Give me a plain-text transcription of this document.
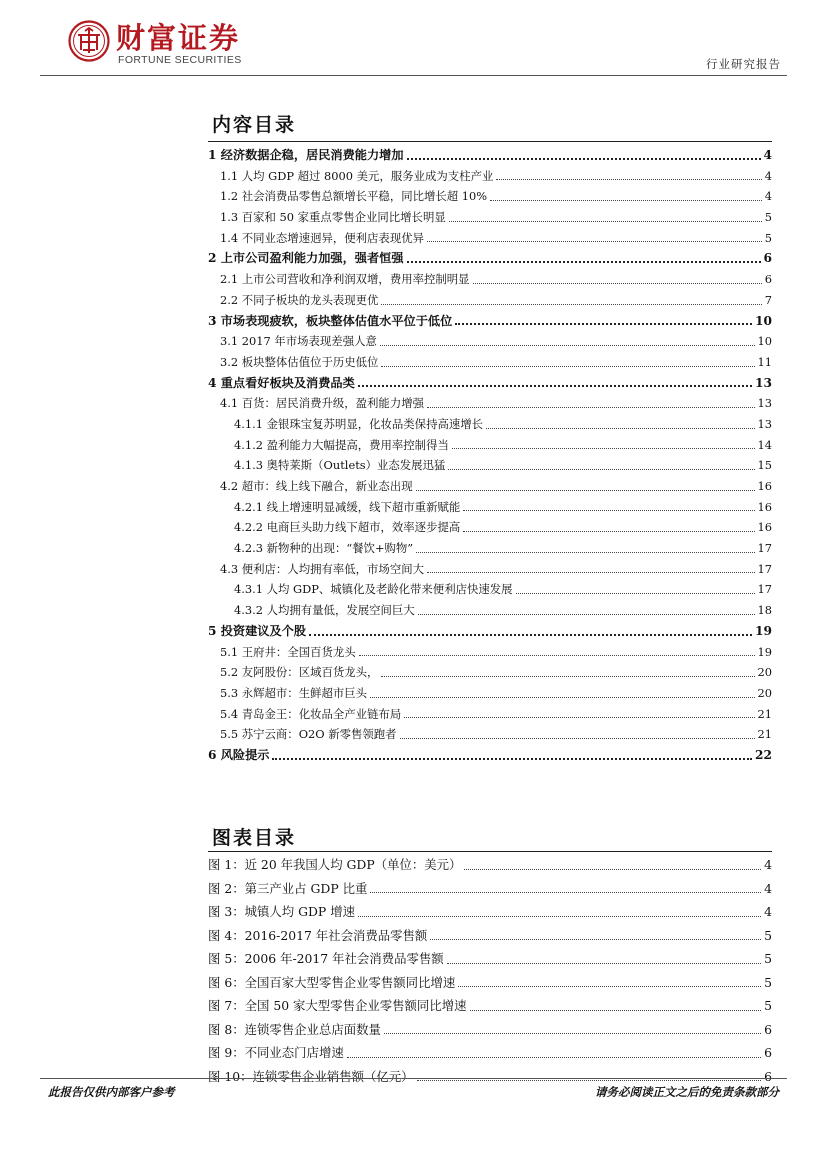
财富证券
FORTUNE SECURITIES	行业研究报告
内容目录
1 经济数据企稳，居民消费能力增加	4
1.1 人均 GDP 超过 8000 美元，服务业成为支柱产业	4
1.2 社会消费品零售总额增长平稳，同比增长超 10%	4
1.3 百家和 50 家重点零售企业同比增长明显	5
1.4 不同业态增速迥异，便利店表现优异	5
2 上市公司盈利能力加强，强者恒强	6
2.1 上市公司营收和净利润双增，费用率控制明显	6
2.2 不同子板块的龙头表现更优	7
3 市场表现疲软，板块整体估值水平位于低位	10
3.1 2017 年市场表现差强人意	10
3.2 板块整体估值位于历史低位	11
4 重点看好板块及消费品类	13
4.1 百货：居民消费升级，盈利能力增强	13
4.1.1 金银珠宝复苏明显，化妆品类保持高速增长	13
4.1.2 盈利能力大幅提高，费用率控制得当	14
4.1.3 奥特莱斯（Outlets）业态发展迅猛	15
4.2 超市：线上线下融合，新业态出现	16
4.2.1 线上增速明显减缓，线下超市重新赋能	16
4.2.2 电商巨头助力线下超市，效率逐步提高	16
4.2.3 新物种的出现：“餐饮+购物”	17
4.3 便利店：人均拥有率低，市场空间大	17
4.3.1 人均 GDP、城镇化及老龄化带来便利店快速发展	17
4.3.2 人均拥有量低，发展空间巨大	18
5 投资建议及个股	19
5.1 王府井：全国百货龙头	19
5.2 友阿股份：区域百货龙头，	20
5.3 永辉超市：生鲜超市巨头	20
5.4 青岛金王：化妆品全产业链布局	21
5.5 苏宁云商：O2O 新零售领跑者	21
6 风险提示	22
图表目录
图 1：近 20 年我国人均 GDP（单位：美元）	4
图 2：第三产业占 GDP 比重	4
图 3：城镇人均 GDP 增速	4
图 4：2016-2017 年社会消费品零售额	5
图 5：2006 年-2017 年社会消费品零售额	5
图 6：全国百家大型零售企业零售额同比增速	5
图 7：全国 50 家大型零售企业零售额同比增速	5
图 8：连锁零售企业总店面数量	6
图 9：不同业态门店增速	6
图 10：连锁零售企业销售额（亿元）	6
此报告仅供内部客户参考	请务必阅读正文之后的免责条款部分
